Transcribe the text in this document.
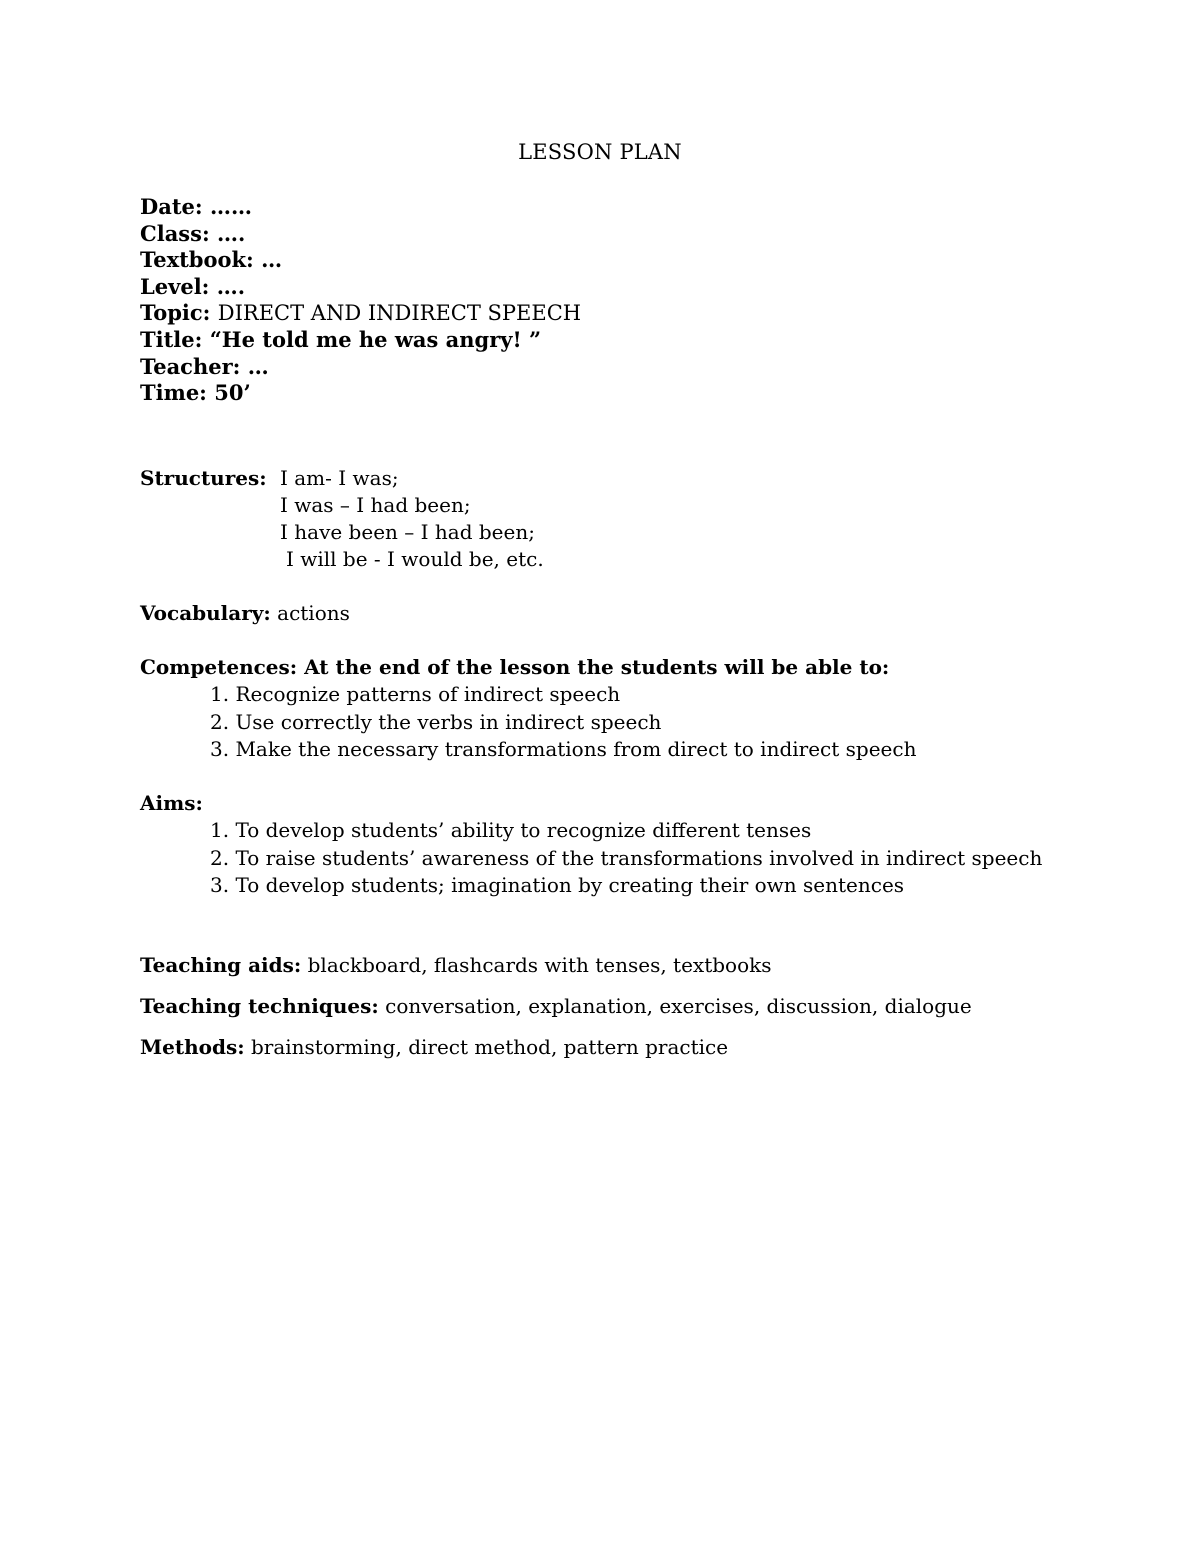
LESSON PLAN
Date: ……
Class: ….
Textbook: …
Level: ….
Topic: DIRECT AND INDIRECT SPEECH
Title: “He told me he was angry! ”
Teacher: …
Time: 50’
Structures: I am- I was;
I was – I had been;
I have been – I had been;
I will be - I would be, etc.
Vocabulary: actions
Competences: At the end of the lesson the students will be able to:
1. Recognize patterns of indirect speech
2. Use correctly the verbs in indirect speech
3. Make the necessary transformations from direct to indirect speech
Aims:
1. To develop students’ ability to recognize different tenses
2. To raise students’ awareness of the transformations involved in indirect speech
3. To develop students; imagination by creating their own sentences
Teaching aids: blackboard, flashcards with tenses, textbooks
Teaching techniques: conversation, explanation, exercises, discussion, dialogue
Methods: brainstorming, direct method, pattern practice
